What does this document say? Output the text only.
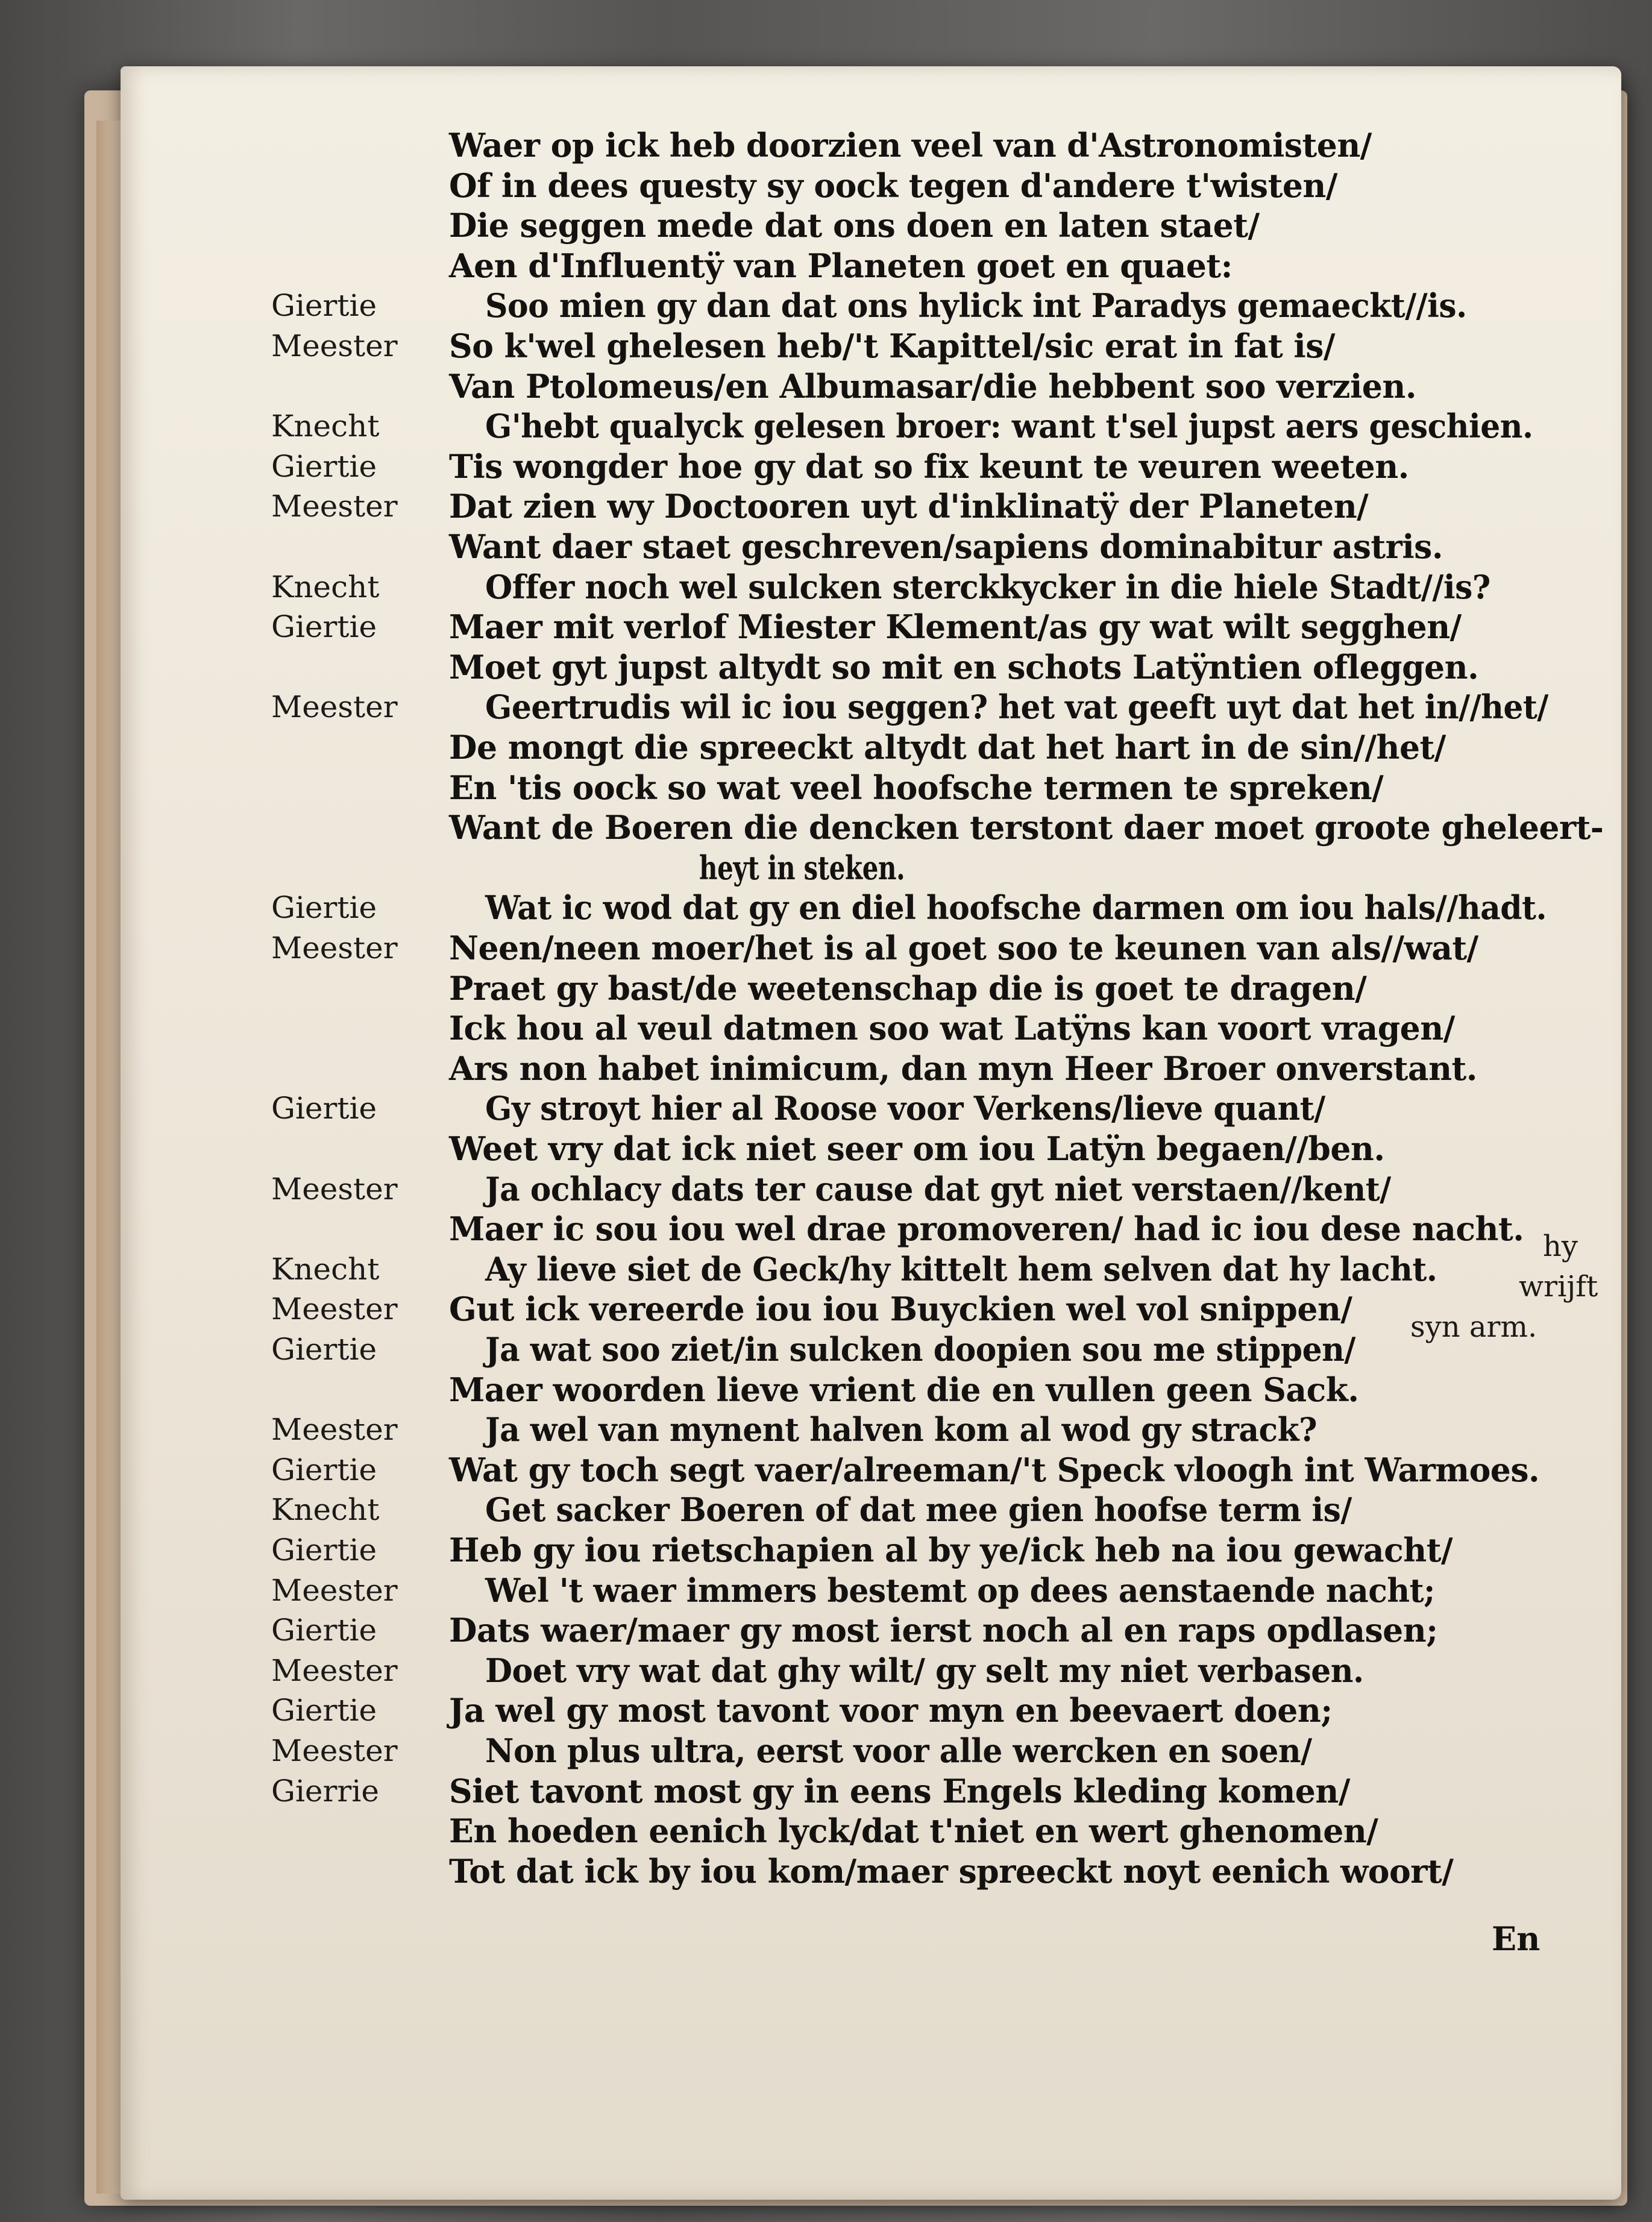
Waer op ick heb doorzien veel van d'Astronomisten/
Of in dees questy sy oock tegen d'andere t'wisten/
Die seggen mede dat ons doen en laten staet/
Aen d'Influentÿ van Planeten goet en quaet:
Giertie	Soo mien gy dan dat ons hylick int Paradys gemaeckt//is.
Meester	So k'wel ghelesen heb/'t Kapittel/sic erat in fat is/
Van Ptolomeus/en Albumasar/die hebbent soo verzien.
Knecht	G'hebt qualyck gelesen broer: want t'sel jupst aers geschien.
Giertie	Tis wongder hoe gy dat so fix keunt te veuren weeten.
Meester	Dat zien wy Doctooren uyt d'inklinatÿ der Planeten/
Want daer staet geschreven/sapiens dominabitur astris.
Knecht	Offer noch wel sulcken sterckkycker in die hiele Stadt//is?
Giertie	Maer mit verlof Miester Klement/as gy wat wilt segghen/
Moet gyt jupst altydt so mit en schots Latÿntien ofleggen.
Meester	Geertrudis wil ic iou seggen? het vat geeft uyt dat het in//het/
De mongt die spreeckt altydt dat het hart in de sin//het/
En 'tis oock so wat veel hoofsche termen te spreken/
Want de Boeren die dencken terstont daer moet groote gheleert-
heyt in steken.
Giertie	Wat ic wod dat gy en diel hoofsche darmen om iou hals//hadt.
Meester	Neen/neen moer/het is al goet soo te keunen van als//wat/
Praet gy bast/de weetenschap die is goet te dragen/
Ick hou al veul datmen soo wat Latÿns kan voort vragen/
Ars non habet inimicum, dan myn Heer Broer onverstant.
Giertie	Gy stroyt hier al Roose voor Verkens/lieve quant/
Weet vry dat ick niet seer om iou Latÿn begaen//ben.
Meester	Ja ochlacy dats ter cause dat gyt niet verstaen//kent/
Maer ic sou iou wel drae promoveren/ had ic iou dese nacht.
Knecht	Ay lieve siet de Geck/hy kittelt hem selven dat hy lacht.
Meester	Gut ick vereerde iou iou Buyckien wel vol snippen/
Giertie	Ja wat soo ziet/in sulcken doopien sou me stippen/
Maer woorden lieve vrient die en vullen geen Sack.
Meester	Ja wel van mynent halven kom al wod gy strack?
Giertie	Wat gy toch segt vaer/alreeman/'t Speck vloogh int Warmoes.
Knecht	Get sacker Boeren of dat mee gien hoofse term is/
Giertie	Heb gy iou rietschapien al by ye/ick heb na iou gewacht/
Meester	Wel 't waer immers bestemt op dees aenstaende nacht;
Giertie	Dats waer/maer gy most ierst noch al en raps opdlasen;
Meester	Doet vry wat dat ghy wilt/ gy selt my niet verbasen.
Giertie	Ja wel gy most tavont voor myn en beevaert doen;
Meester	Non plus ultra, eerst voor alle wercken en soen/
Gierrie	Siet tavont most gy in eens Engels kleding komen/
En hoeden eenich lyck/dat t'niet en wert ghenomen/
Tot dat ick by iou kom/maer spreeckt noyt eenich woort/
hy
wrijft
syn arm.
En
